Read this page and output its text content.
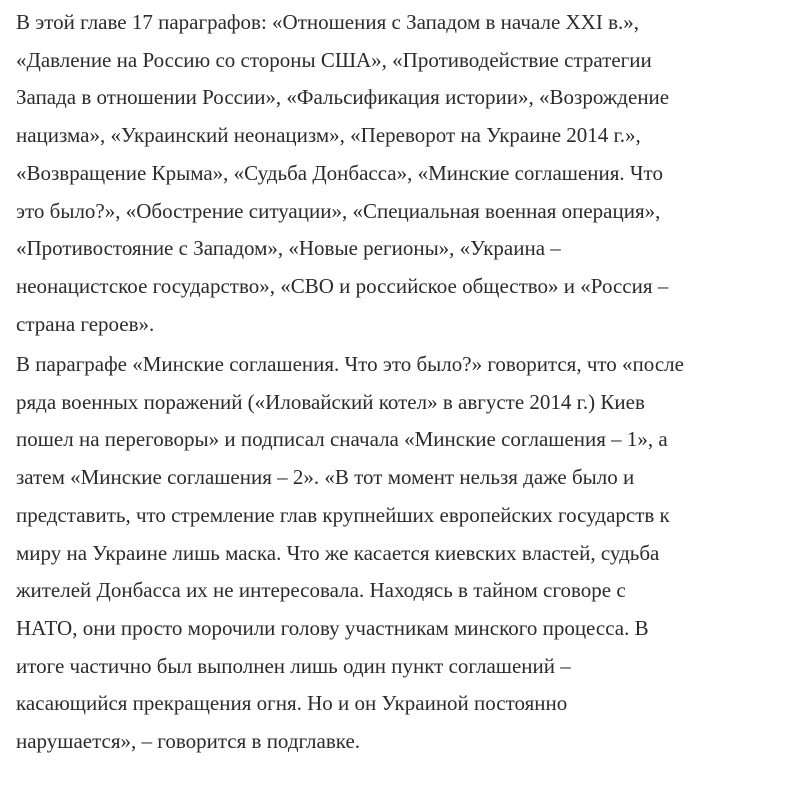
В этой главе 17 параграфов: «Отношения с Западом в начале XXI в.»,
«Давление на Россию со стороны США», «Противодействие стратегии
Запада в отношении России», «Фальсификация истории», «Возрождение
нацизма», «Украинский неонацизм», «Переворот на Украине 2014 г.»,
«Возвращение Крыма», «Судьба Донбасса», «Минские соглашения. Что
это было?», «Обострение ситуации», «Специальная военная операция»,
«Противостояние с Западом», «Новые регионы», «Украина –
неонацистское государство», «СВО и российское общество» и «Россия –
страна героев».

В параграфе «Минские соглашения. Что это было?» говорится, что «после
ряда военных поражений («Иловайский котел» в августе 2014 г.) Киев
пошел на переговоры» и подписал сначала «Минские соглашения – 1», а
затем «Минские соглашения – 2». «В тот момент нельзя даже было и
представить, что стремление глав крупнейших европейских государств к
миру на Украине лишь маска. Что же касается киевских властей, судьба
жителей Донбасса их не интересовала. Находясь в тайном сговоре с
НАТО, они просто морочили голову участникам минского процесса. В
итоге частично был выполнен лишь один пункт соглашений –
касающийся прекращения огня. Но и он Украиной постоянно
нарушается», – говорится в подглавке.
